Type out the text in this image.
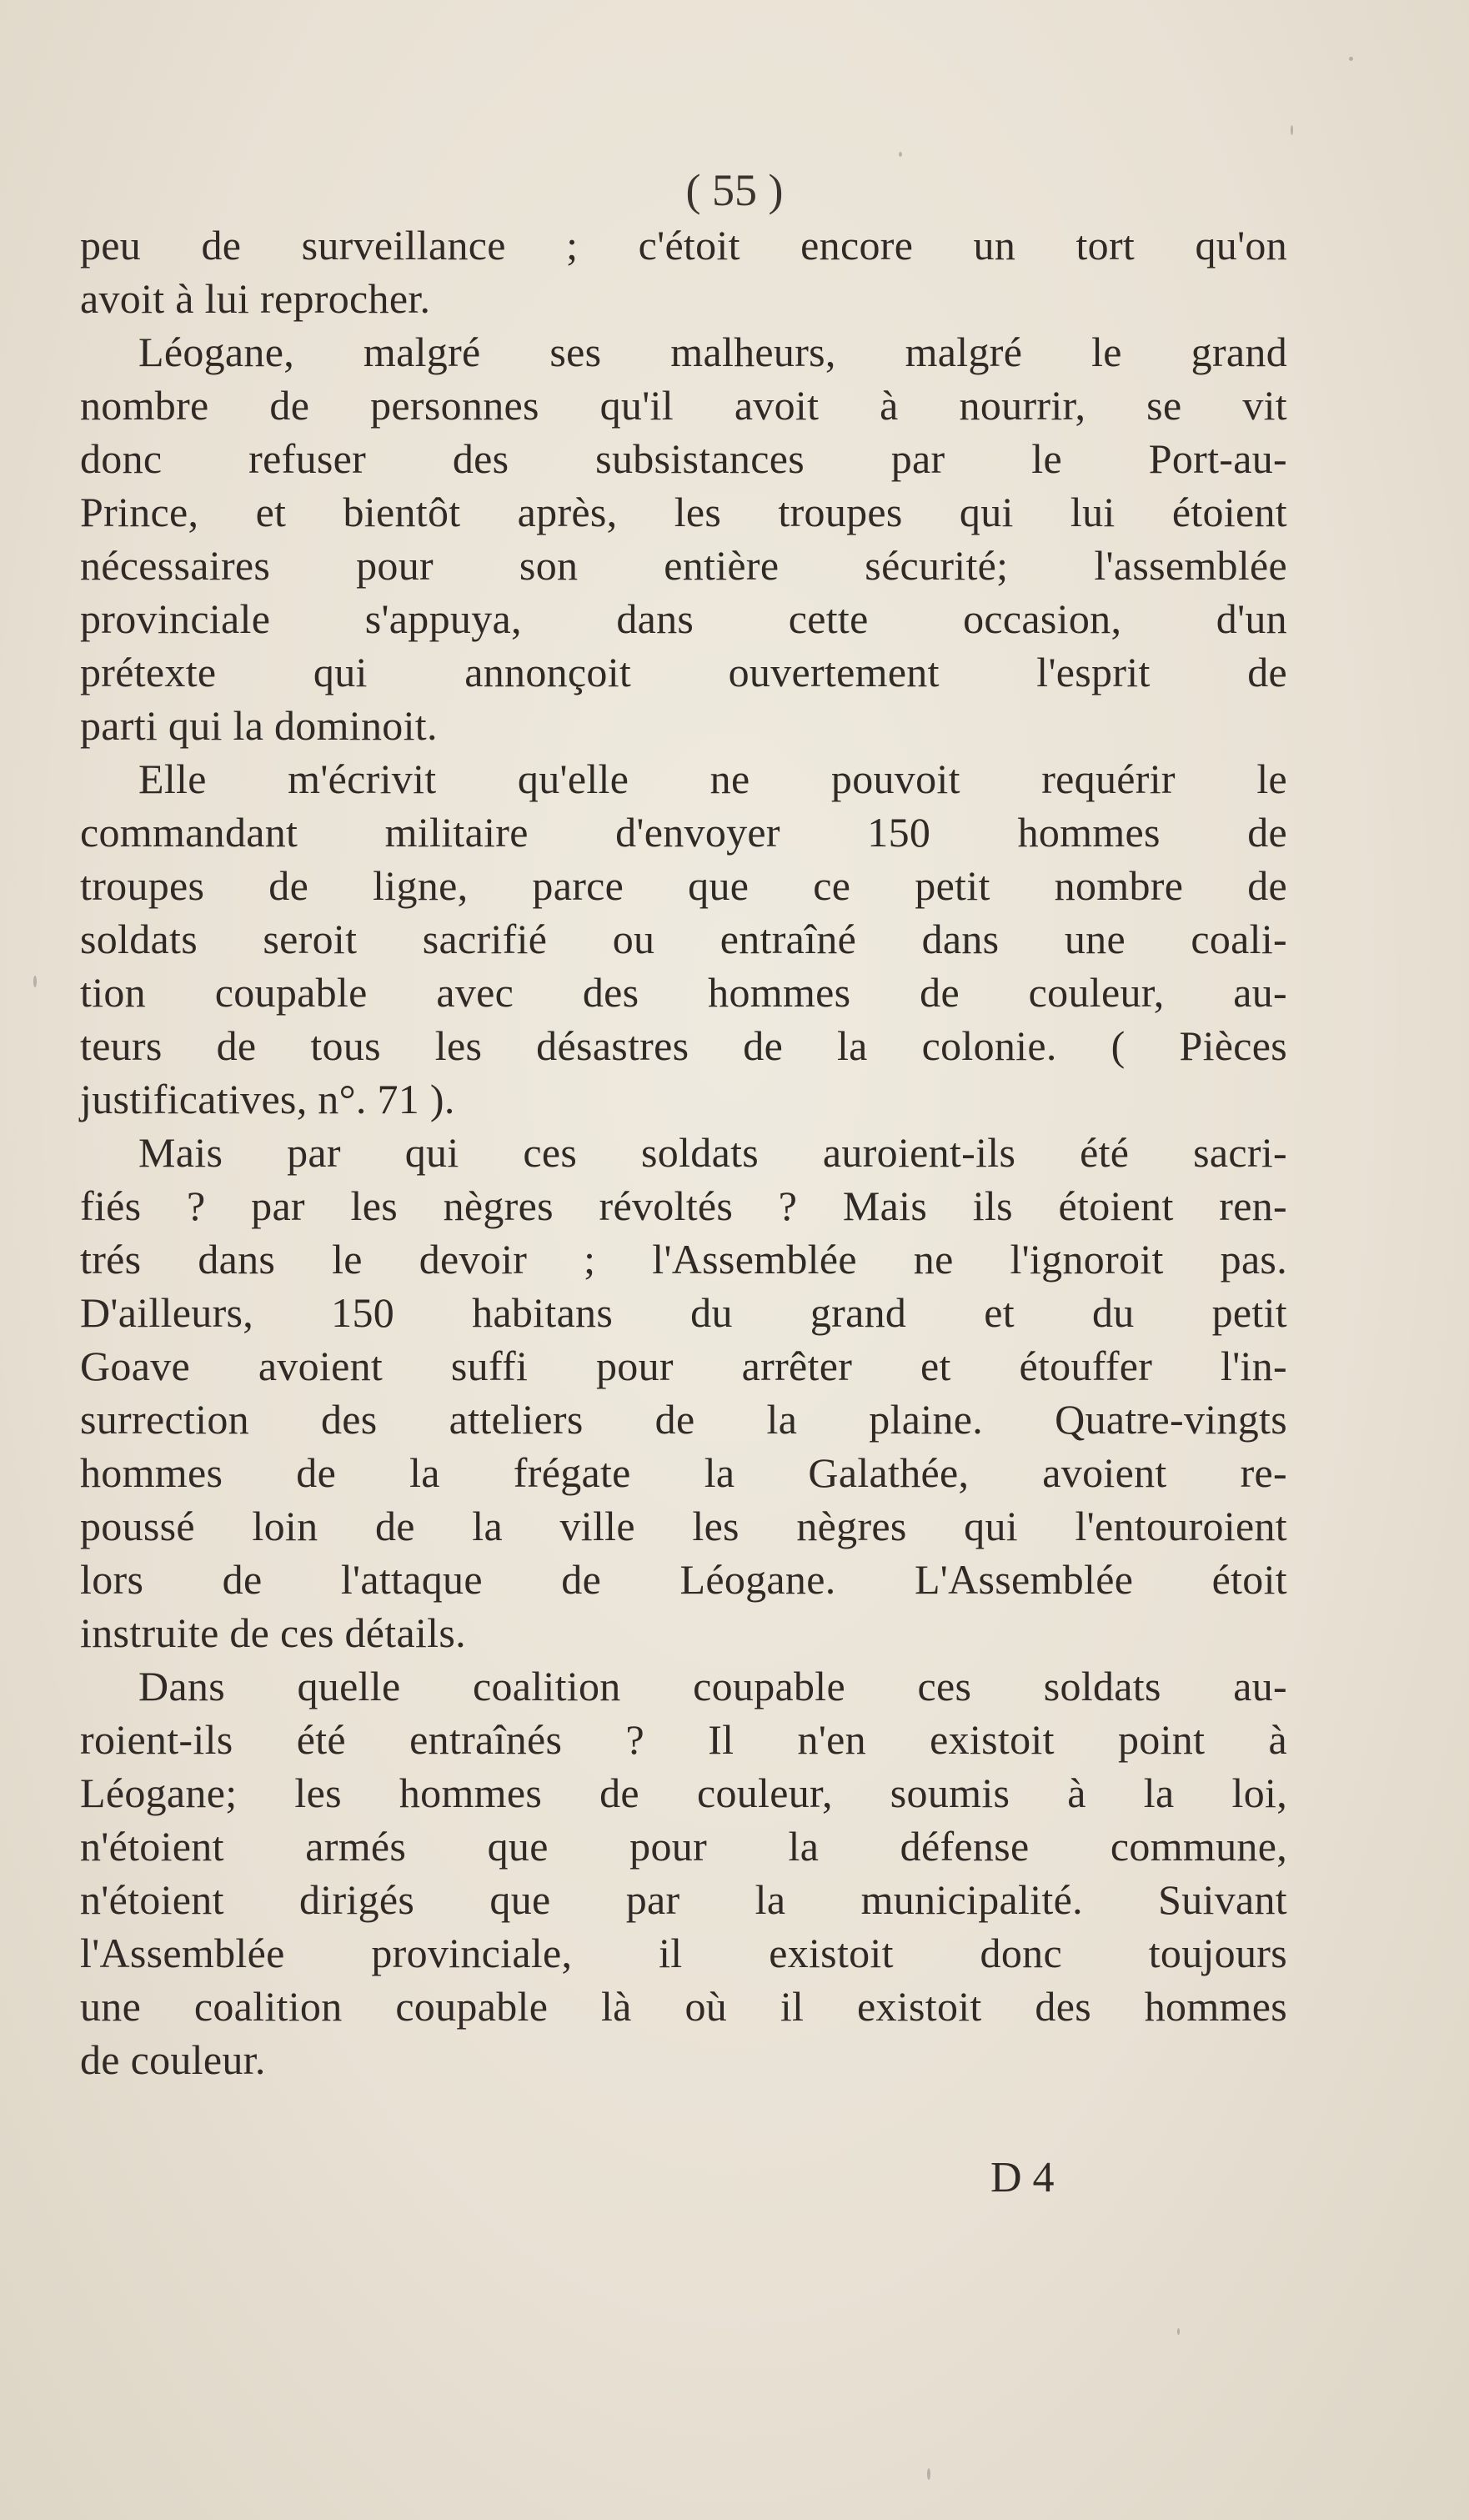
( 55 )
peu de surveillance ; c'étoit encore un tort qu'on
avoit à lui reprocher.
Léogane, malgré ses malheurs, malgré le grand
nombre de personnes qu'il avoit à nourrir, se vit
donc refuser des subsistances par le Port-au-
Prince, et bientôt après, les troupes qui lui étoient
nécessaires pour son entière sécurité; l'assemblée
provinciale s'appuya, dans cette occasion, d'un
prétexte qui annonçoit ouvertement l'esprit de
parti qui la dominoit.
Elle m'écrivit qu'elle ne pouvoit requérir le
commandant militaire d'envoyer 150 hommes de
troupes de ligne, parce que ce petit nombre de
soldats seroit sacrifié ou entraîné dans une coali-
tion coupable avec des hommes de couleur, au-
teurs de tous les désastres de la colonie. ( Pièces
justificatives, n°. 71 ).
Mais par qui ces soldats auroient-ils été sacri-
fiés ? par les nègres révoltés ? Mais ils étoient ren-
trés dans le devoir ; l'Assemblée ne l'ignoroit pas.
D'ailleurs, 150 habitans du grand et du petit
Goave avoient suffi pour arrêter et étouffer l'in-
surrection des atteliers de la plaine. Quatre-vingts
hommes de la frégate la Galathée, avoient re-
poussé loin de la ville les nègres qui l'entouroient
lors de l'attaque de Léogane. L'Assemblée étoit
instruite de ces détails.
Dans quelle coalition coupable ces soldats au-
roient-ils été entraînés ? Il n'en existoit point à
Léogane; les hommes de couleur, soumis à la loi,
n'étoient armés que pour la défense commune,
n'étoient dirigés que par la municipalité. Suivant
l'Assemblée provinciale, il existoit donc toujours
une coalition coupable là où il existoit des hommes
de couleur.
D 4
